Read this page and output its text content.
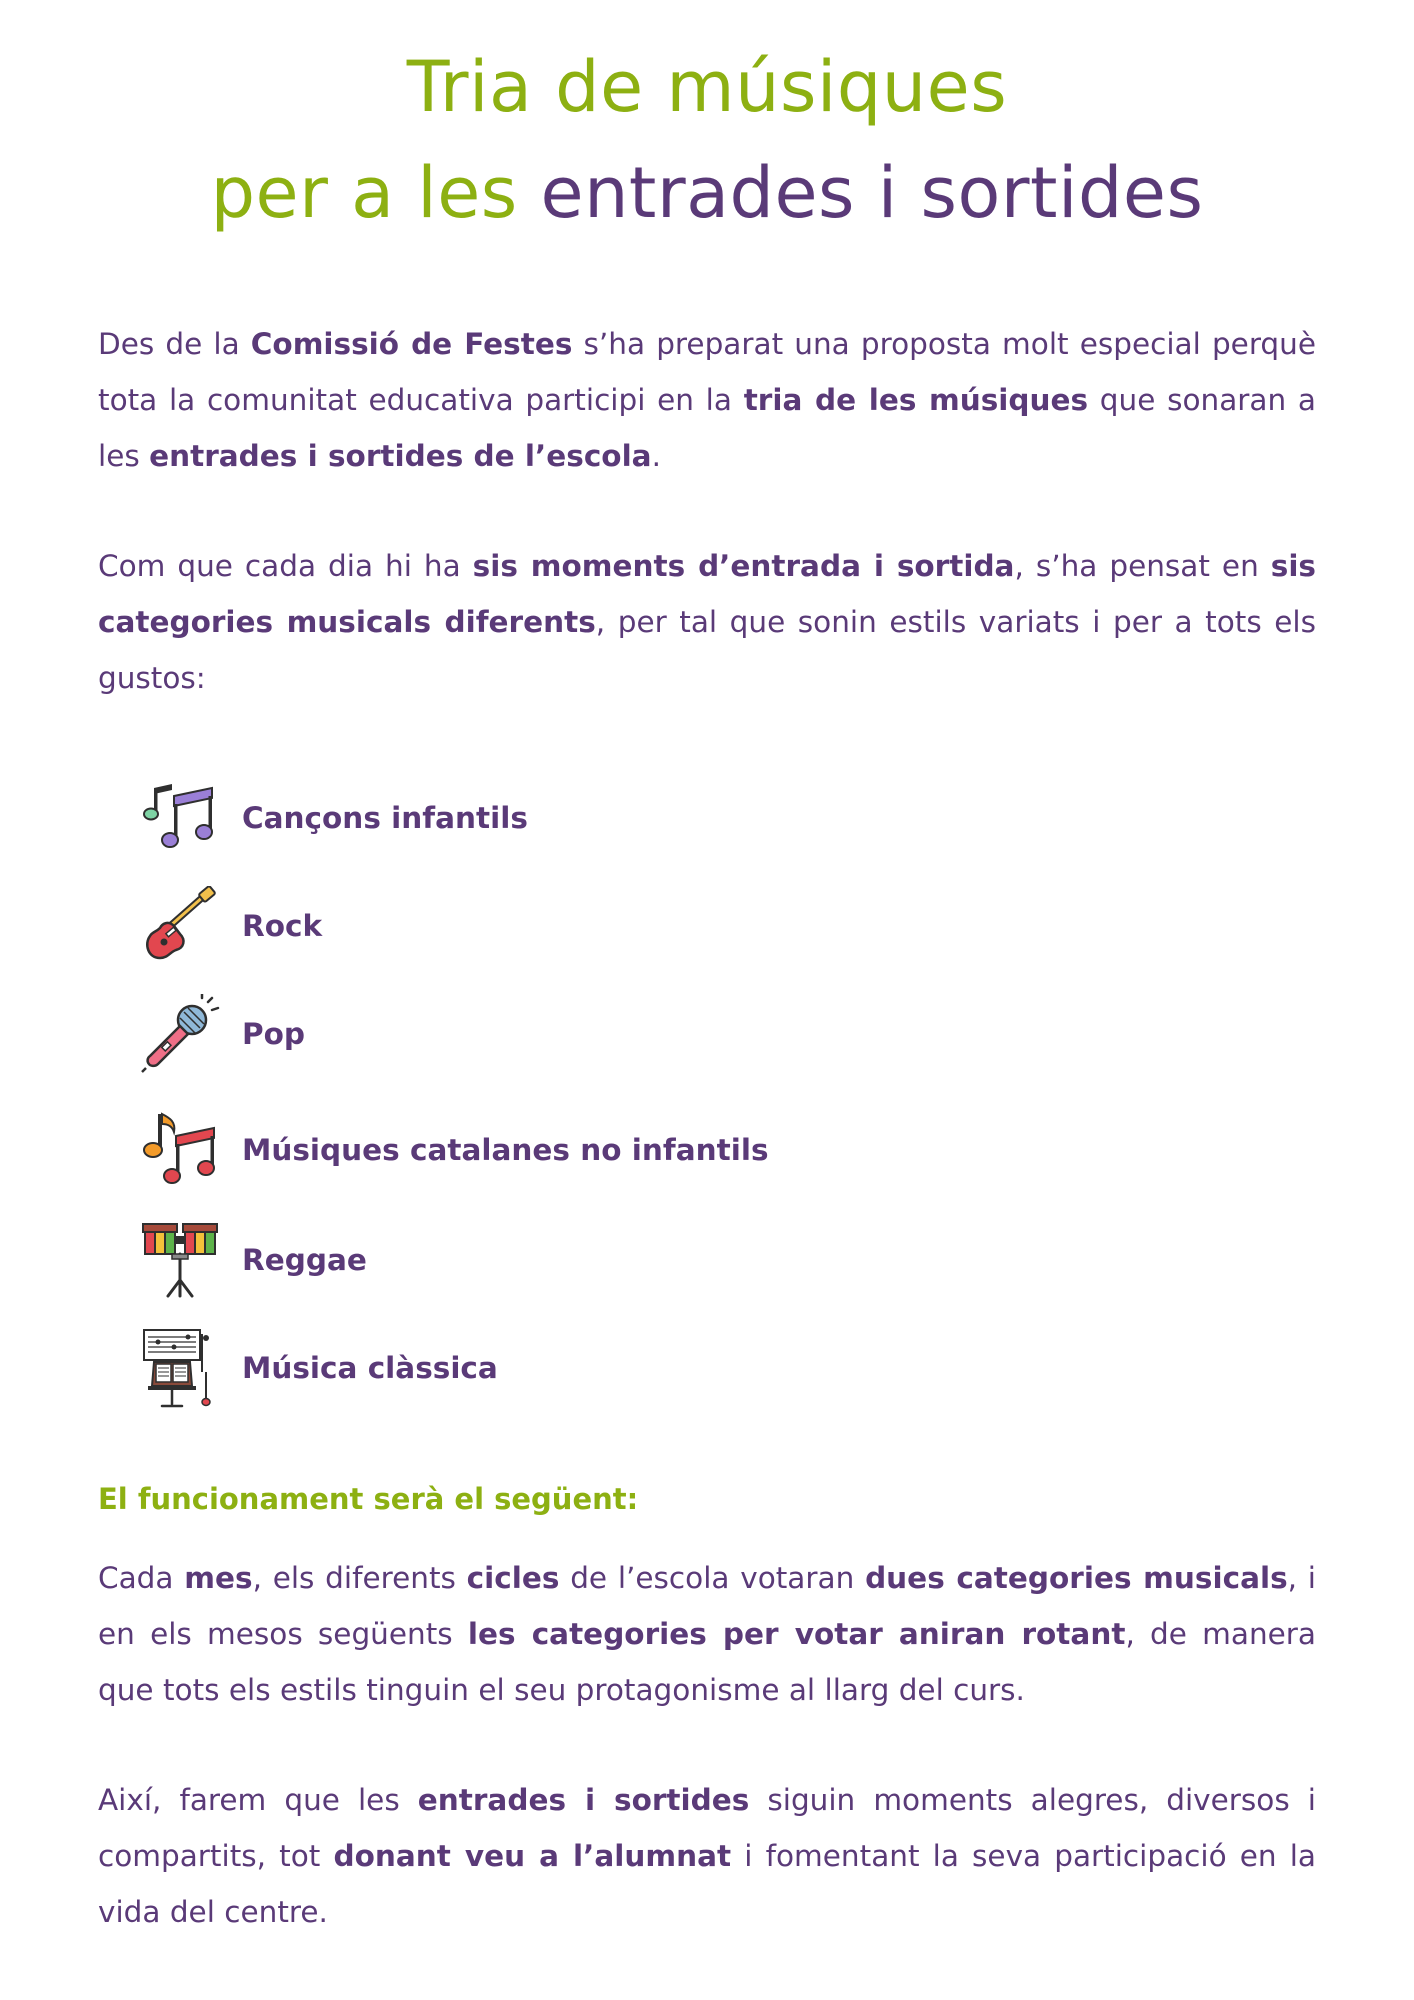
Tria de músiques
per a les entrades i sortides

Des de la Comissió de Festes s’ha preparat una proposta molt especial perquè tota la comunitat educativa participi en la tria de les músiques que sonaran a les entrades i sortides de l’escola.

Com que cada dia hi ha sis moments d’entrada i sortida, s’ha pensat en sis categories musicals diferents, per tal que sonin estils variats i per a tots els gustos:

Cançons infantils
Rock
Pop
Músiques catalanes no infantils
Reggae
Música clàssica
El funcionament serà el següent:

Cada mes, els diferents cicles de l’escola votaran dues categories musicals, i en els mesos següents les categories per votar aniran rotant, de manera que tots els estils tinguin el seu protagonisme al llarg del curs.

Així, farem que les entrades i sortides siguin moments alegres, diversos i compartits, tot donant veu a l’alumnat i fomentant la seva participació en la vida del centre.
